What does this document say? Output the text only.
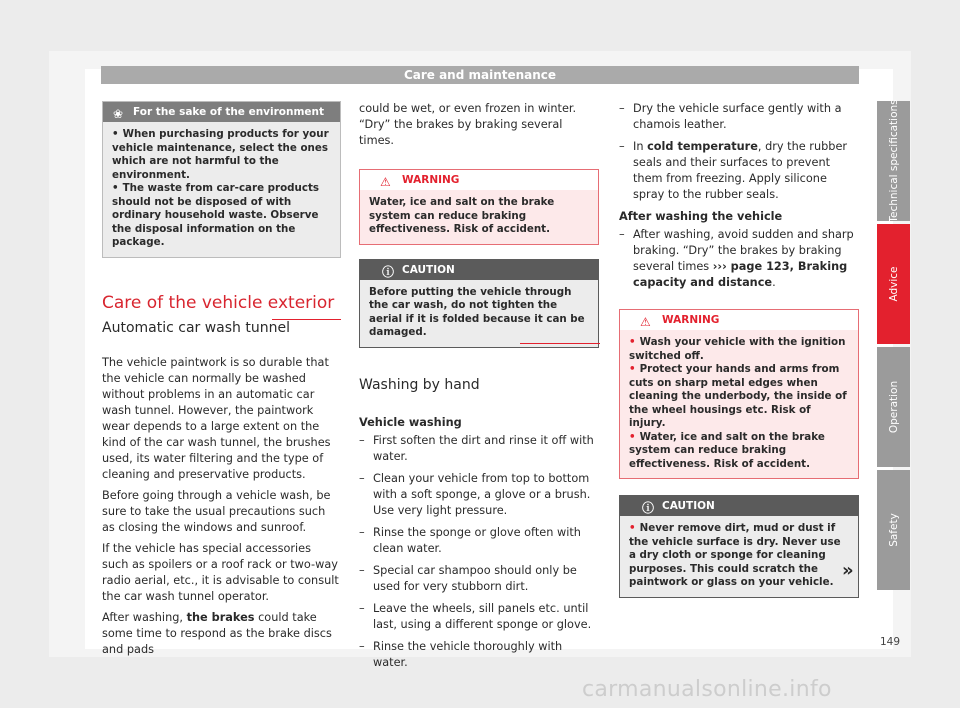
Care and maintenance
❀ For the sake of the environment
• When purchasing products for your vehicle maintenance, select the ones which are not harmful to the environment.
• The waste from car-care products should not be disposed of with ordinary household waste. Observe the disposal information on the package.
Care of the vehicle exterior
Automatic car wash tunnel

The vehicle paintwork is so durable that the vehicle can normally be washed without problems in an automatic car wash tunnel. However, the paintwork wear depends to a large extent on the kind of the car wash tunnel, the brushes used, its water filtering and the type of cleaning and preservative products.

Before going through a vehicle wash, be sure to take the usual precautions such as closing the windows and sunroof.

If the vehicle has special accessories such as spoilers or a roof rack or two-way radio aerial, etc., it is advisable to consult the car wash tunnel operator.

After washing, the brakes could take some time to respond as the brake discs and pads

could be wet, or even frozen in winter. “Dry” the brakes by braking several times.

⚠ WARNING
Water, ice and salt on the brake system can reduce braking effectiveness. Risk of accident.
ⓘ CAUTION
Before putting the vehicle through the car wash, do not tighten the aerial if it is folded because it can be damaged.
Washing by hand
Vehicle washing
– First soften the dirt and rinse it off with water.
– Clean your vehicle from top to bottom with a soft sponge, a glove or a brush. Use very light pressure.
– Rinse the sponge or glove often with clean water.
– Special car shampoo should only be used for very stubborn dirt.
– Leave the wheels, sill panels etc. until last, using a different sponge or glove.
– Rinse the vehicle thoroughly with water.
– Dry the vehicle surface gently with a chamois leather.
– In cold temperature, dry the rubber seals and their surfaces to prevent them from freezing. Apply silicone spray to the rubber seals.
After washing the vehicle
– After washing, avoid sudden and sharp braking. “Dry” the brakes by braking several times ››› page 123, Braking capacity and distance.
⚠ WARNING
• Wash your vehicle with the ignition switched off.
• Protect your hands and arms from cuts on sharp metal edges when cleaning the underbody, the inside of the wheel housings etc. Risk of injury.
• Water, ice and salt on the brake system can reduce braking effectiveness. Risk of accident.
ⓘ CAUTION
• Never remove dirt, mud or dust if the vehicle surface is dry. Never use a dry cloth or sponge for cleaning purposes. This could scratch the paintwork or glass on your vehicle.
»
Technical specifications
Advice
Operation
Safety
149
carmanualsonline.info
